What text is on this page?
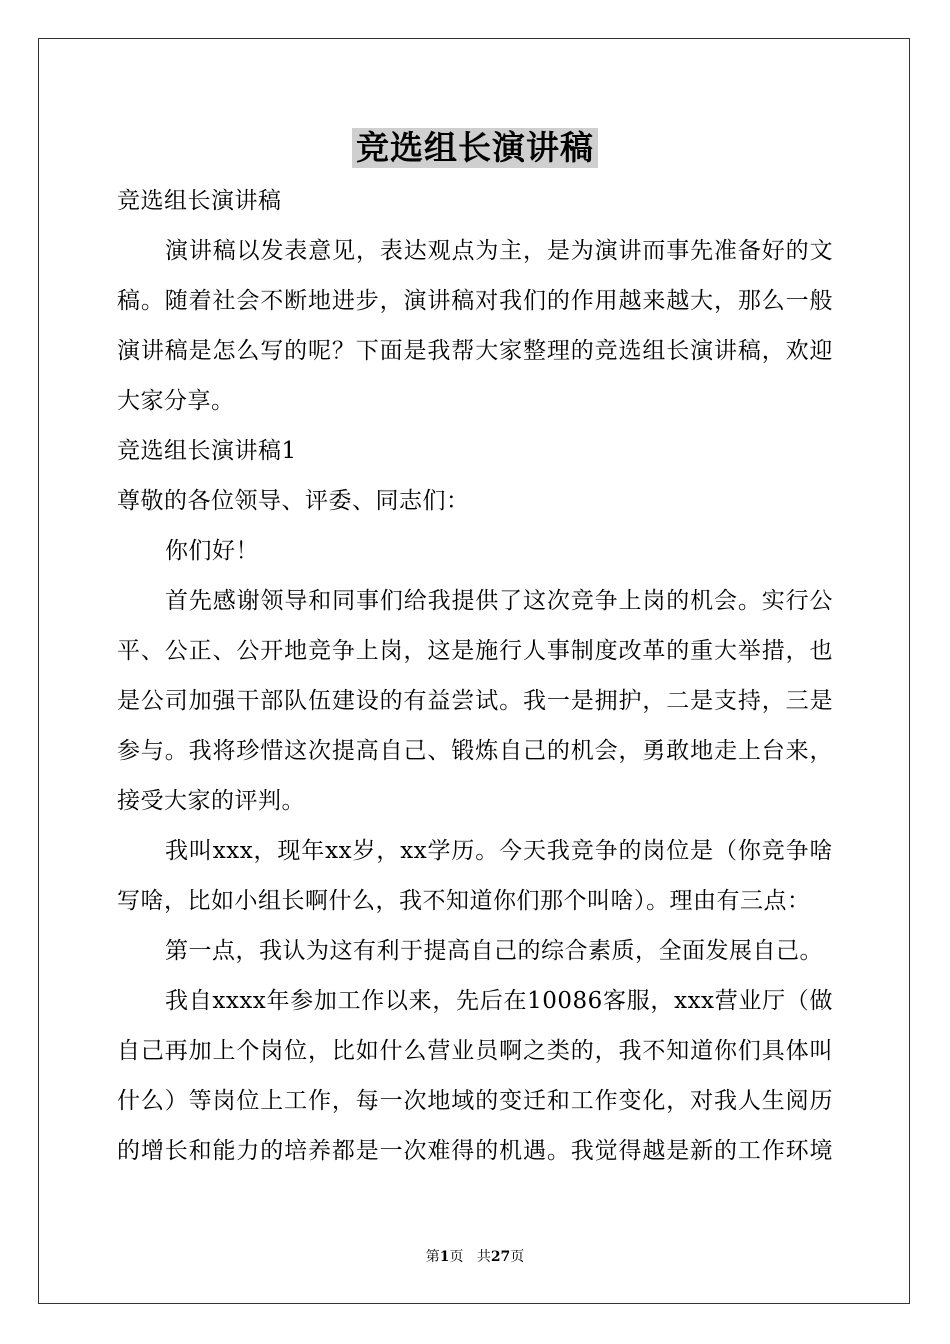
竞选组长演讲稿

竞选组长演讲稿

演讲稿以发表意见，表达观点为主，是为演讲而事先准备好的文稿。随着社会不断地进步，演讲稿对我们的作用越来越大，那么一般演讲稿是怎么写的呢？下面是我帮大家整理的竞选组长演讲稿，欢迎大家分享。

竞选组长演讲稿1

尊敬的各位领导、评委、同志们：

你们好！

首先感谢领导和同事们给我提供了这次竞争上岗的机会。实行公平、公正、公开地竞争上岗，这是施行人事制度改革的重大举措，也是公司加强干部队伍建设的有益尝试。我一是拥护，二是支持，三是参与。我将珍惜这次提高自己、锻炼自己的机会，勇敢地走上台来，接受大家的评判。

我叫xxx，现年xx岁，xx学历。今天我竞争的岗位是（你竞争啥写啥，比如小组长啊什么，我不知道你们那个叫啥）。理由有三点：

第一点，我认为这有利于提高自己的综合素质，全面发展自己。

我自xxxx年参加工作以来，先后在10086客服，xxx营业厅（做自己再加上个岗位，比如什么营业员啊之类的，我不知道你们具体叫什么）等岗位上工作，每一次地域的变迁和工作变化，对我人生阅历的增长和能力的培养都是一次难得的机遇。我觉得越是新的工作环境

第1页 共27页
